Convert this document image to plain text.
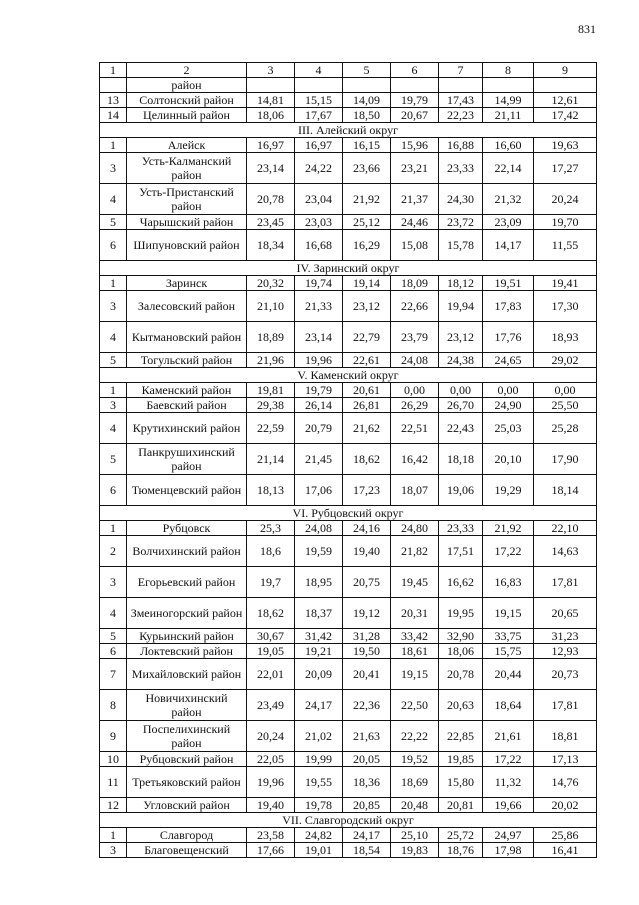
831
1	2	3	4	5	6	7	8	9
	район							
13	Солтонский район	14,81	15,15	14,09	19,79	17,43	14,99	12,61
14	Целинный район	18,06	17,67	18,50	20,67	22,23	21,11	17,42
III. Алейский округ								
1	Алейск	16,97	16,97	16,15	15,96	16,88	16,60	19,63
3	Усть-Калманский район	23,14	24,22	23,66	23,21	23,33	22,14	17,27
4	Усть-Пристанский район	20,78	23,04	21,92	21,37	24,30	21,32	20,24
5	Чарышский район	23,45	23,03	25,12	24,46	23,72	23,09	19,70
6	Шипуновский район	18,34	16,68	16,29	15,08	15,78	14,17	11,55
IV. Заринский округ								
1	Заринск	20,32	19,74	19,14	18,09	18,12	19,51	19,41
3	Залесовский район	21,10	21,33	23,12	22,66	19,94	17,83	17,30
4	Кытмановский район	18,89	23,14	22,79	23,79	23,12	17,76	18,93
5	Тогульский район	21,96	19,96	22,61	24,08	24,38	24,65	29,02
V. Каменский округ								
1	Каменский район	19,81	19,79	20,61	0,00	0,00	0,00	0,00
3	Баевский район	29,38	26,14	26,81	26,29	26,70	24,90	25,50
4	Крутихинский район	22,59	20,79	21,62	22,51	22,43	25,03	25,28
5	Панкрушихинский район	21,14	21,45	18,62	16,42	18,18	20,10	17,90
6	Тюменцевский район	18,13	17,06	17,23	18,07	19,06	19,29	18,14
VI. Рубцовский округ								
1	Рубцовск	25,3	24,08	24,16	24,80	23,33	21,92	22,10
2	Волчихинский район	18,6	19,59	19,40	21,82	17,51	17,22	14,63
3	Егорьевский район	19,7	18,95	20,75	19,45	16,62	16,83	17,81
4	Змеиногорский район	18,62	18,37	19,12	20,31	19,95	19,15	20,65
5	Курьинский район	30,67	31,42	31,28	33,42	32,90	33,75	31,23
6	Локтевский район	19,05	19,21	19,50	18,61	18,06	15,75	12,93
7	Михайловский район	22,01	20,09	20,41	19,15	20,78	20,44	20,73
8	Новичихинский район	23,49	24,17	22,36	22,50	20,63	18,64	17,81
9	Поспелихинский район	20,24	21,02	21,63	22,22	22,85	21,61	18,81
10	Рубцовский район	22,05	19,99	20,05	19,52	19,85	17,22	17,13
11	Третьяковский район	19,96	19,55	18,36	18,69	15,80	11,32	14,76
12	Угловский район	19,40	19,78	20,85	20,48	20,81	19,66	20,02
VII. Славгородский округ								
1	Славгород	23,58	24,82	24,17	25,10	25,72	24,97	25,86
3	Благовещенский	17,66	19,01	18,54	19,83	18,76	17,98	16,41
